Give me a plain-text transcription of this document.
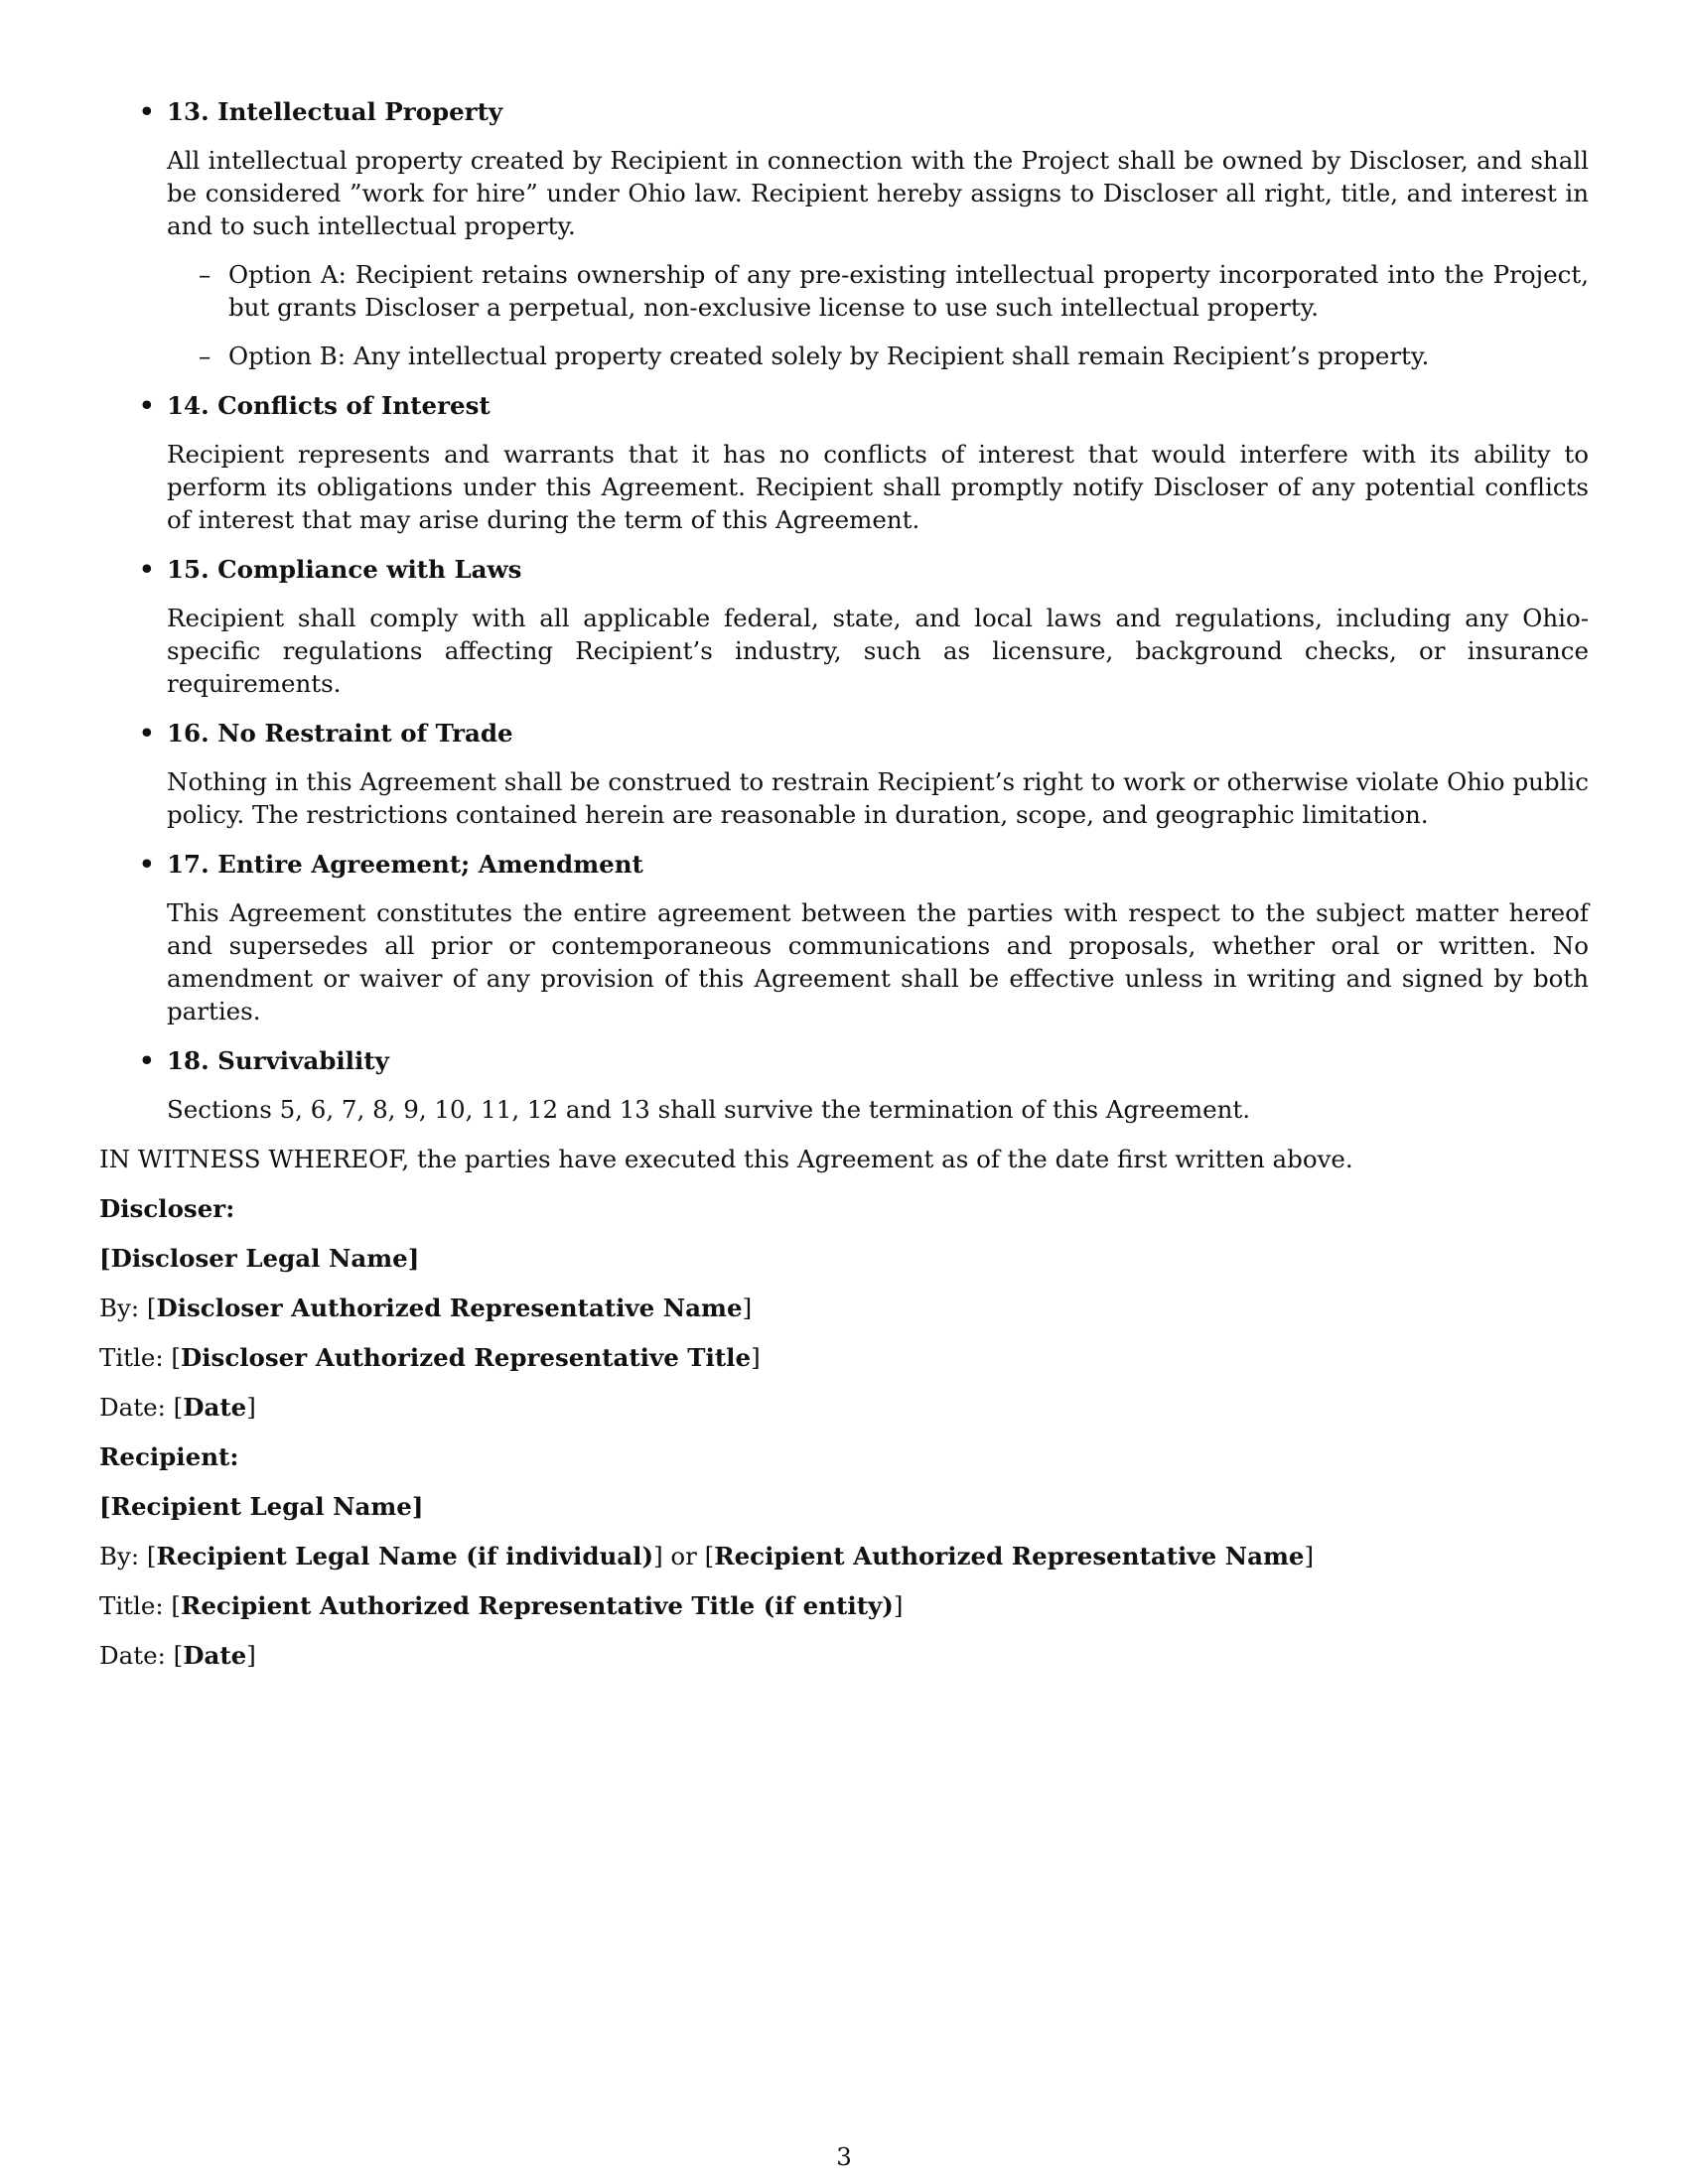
• 13. Intellectual Property
All intellectual property created by Recipient in connection with the Project shall be owned by Discloser, and shall be considered ”work for hire” under Ohio law. Recipient hereby assigns to Discloser all right, title, and interest in and to such intellectual property.
– Option A: Recipient retains ownership of any pre-existing intellectual property incorporated into the Project, but grants Discloser a perpetual, non-exclusive license to use such intellectual property.
– Option B: Any intellectual property created solely by Recipient shall remain Recipient’s property.
• 14. Conflicts of Interest
Recipient represents and warrants that it has no conflicts of interest that would interfere with its ability to perform its obligations under this Agreement. Recipient shall promptly notify Discloser of any potential conflicts of interest that may arise during the term of this Agreement.
• 15. Compliance with Laws
Recipient shall comply with all applicable federal, state, and local laws and regulations, including any Ohio-specific regulations affecting Recipient’s industry, such as licensure, background checks, or insurance requirements.
• 16. No Restraint of Trade
Nothing in this Agreement shall be construed to restrain Recipient’s right to work or otherwise violate Ohio public policy. The restrictions contained herein are reasonable in duration, scope, and geographic limitation.
• 17. Entire Agreement; Amendment
This Agreement constitutes the entire agreement between the parties with respect to the subject matter hereof and supersedes all prior or contemporaneous communications and proposals, whether oral or written. No amendment or waiver of any provision of this Agreement shall be effective unless in writing and signed by both parties.
• 18. Survivability
Sections 5, 6, 7, 8, 9, 10, 11, 12 and 13 shall survive the termination of this Agreement.
IN WITNESS WHEREOF, the parties have executed this Agreement as of the date first written above.
Discloser:
[Discloser Legal Name]
By: [Discloser Authorized Representative Name]
Title: [Discloser Authorized Representative Title]
Date: [Date]
Recipient:
[Recipient Legal Name]
By: [Recipient Legal Name (if individual)] or [Recipient Authorized Representative Name]
Title: [Recipient Authorized Representative Title (if entity)]
Date: [Date]
3
